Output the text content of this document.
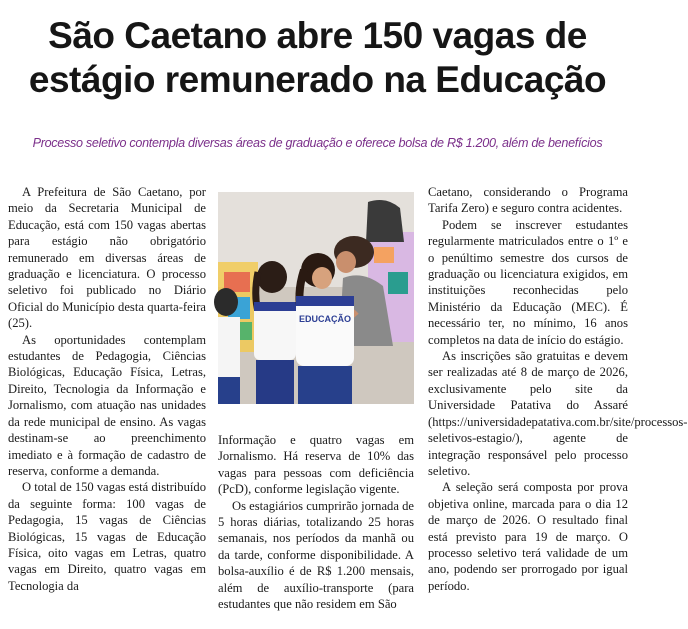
São Caetano abre 150 vagas de
estágio remunerado na Educação
Processo seletivo contempla diversas áreas de graduação e oferece bolsa de R$ 1.200, além de benefícios

A Prefeitura de São Caetano, por meio da Secretaria Municipal de Educação, está com 150 vagas abertas para estágio não obrigatório remunerado em diversas áreas de graduação e licenciatura. O processo seletivo foi publicado no Diário Oficial do Município desta quarta-feira (25).

As oportunidades contemplam estudantes de Pedagogia, Ciências Biológicas, Educação Física, Letras, Direito, Tecnologia da Informação e Jornalismo, com atuação nas unidades da rede municipal de ensino. As vagas destinam-se ao preenchimento imediato e à formação de cadastro de reserva, conforme a demanda.

O total de 150 vagas está distribuído da seguinte forma: 100 vagas de Pedagogia, 15 vagas de Ciências Biológicas, 15 vagas de Educação Física, oito vagas em Letras, quatro vagas em Direito, quatro vagas em Tecnologia da

EDUCAÇÃO

Informação e quatro vagas em Jornalismo. Há reserva de 10% das vagas para pessoas com deficiência (PcD), conforme legislação vigente.

Os estagiários cumprirão jornada de 5 horas diárias, totalizando 25 horas semanais, nos períodos da manhã ou da tarde, conforme disponibilidade. A bolsa-auxílio é de R$ 1.200 mensais, além de auxílio-transporte (para estudantes que não residem em São

Caetano, considerando o Programa Tarifa Zero) e seguro contra acidentes.

Podem se inscrever estudantes regularmente matriculados entre o 1º e o penúltimo semestre dos cursos de graduação ou licenciatura exigidos, em instituições reconhecidas pelo Ministério da Educação (MEC). É necessário ter, no mínimo, 16 anos completos na data de início do estágio.

As inscrições são gratuitas e devem ser realizadas até 8 de março de 2026, exclusivamente pelo site da Universidade Patativa do Assaré (https://universidadepatativa.com.br/site/processos-seletivos-estagio/), agente de integração responsável pelo processo seletivo.

A seleção será composta por prova objetiva online, marcada para o dia 12 de março de 2026. O resultado final está previsto para 19 de março. O processo seletivo terá validade de um ano, podendo ser prorrogado por igual período.
